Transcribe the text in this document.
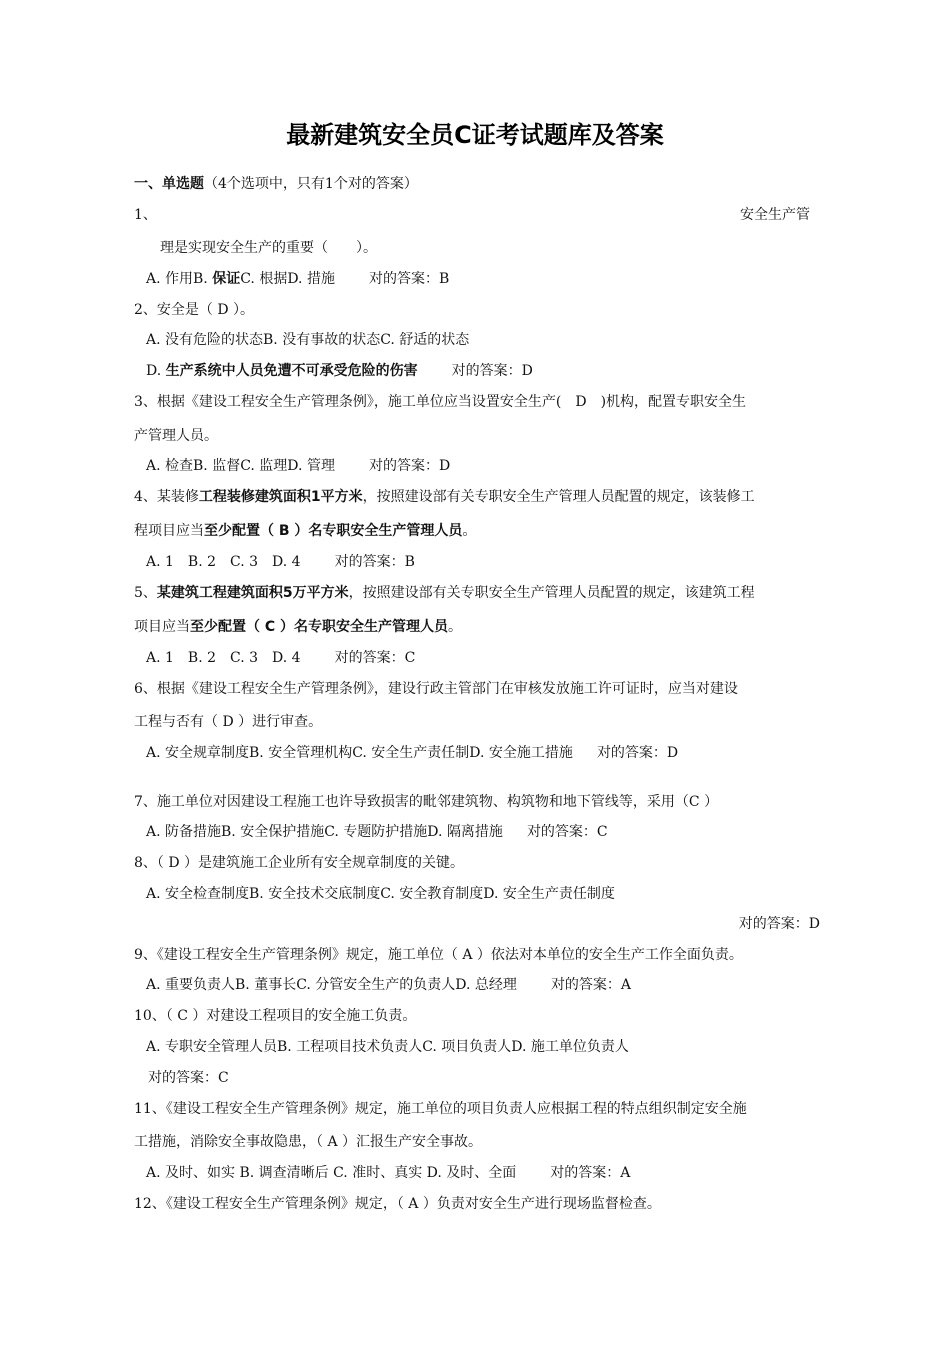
最新建筑安全员C证考试题库及答案
一、单选题（4个选项中，只有1个对的答案）
1、	安全生产管
理是实现安全生产的重要（　　）。
A. 作用B. 保证C. 根据D. 措施 对的答案：B
2、安全是（ D ）。
A. 没有危险的状态B. 没有事故的状态C. 舒适的状态
D. 生产系统中人员免遭不可承受危险的伤害 对的答案：D
3、根据《建设工程安全生产管理条例》，施工单位应当设置安全生产(　D　)机构，配置专职安全生
产管理人员。
A. 检查B. 监督C. 监理D. 管理 对的答案：D
4、某装修工程装修建筑面积1平方米，按照建设部有关专职安全生产管理人员配置的规定，该装修工
程项目应当至少配置（ B ）名专职安全生产管理人员。
A. 1　B. 2　C. 3　D. 4 对的答案：B
5、某建筑工程建筑面积5万平方米，按照建设部有关专职安全生产管理人员配置的规定，该建筑工程
项目应当至少配置（ C ）名专职安全生产管理人员。
A. 1　B. 2　C. 3　D. 4 对的答案：C
6、根据《建设工程安全生产管理条例》，建设行政主管部门在审核发放施工许可证时，应当对建设
工程与否有（ D ）进行审查。
A. 安全规章制度B. 安全管理机构C. 安全生产责任制D. 安全施工措施 对的答案：D
7、施工单位对因建设工程施工也许导致损害的毗邻建筑物、构筑物和地下管线等，采用（C ）
A. 防备措施B. 安全保护措施C. 专题防护措施D. 隔离措施 对的答案：C
8、（ D ）是建筑施工企业所有安全规章制度的关键。
A. 安全检查制度B. 安全技术交底制度C. 安全教育制度D. 安全生产责任制度
对的答案：D
9、《建设工程安全生产管理条例》规定，施工单位（ A ）依法对本单位的安全生产工作全面负责。
A. 重要负责人B. 董事长C. 分管安全生产的负责人D. 总经理 对的答案：A
10、（ C ）对建设工程项目的安全施工负责。
A. 专职安全管理人员B. 工程项目技术负责人C. 项目负责人D. 施工单位负责人
对的答案：C
11、《建设工程安全生产管理条例》规定，施工单位的项目负责人应根据工程的特点组织制定安全施
工措施，消除安全事故隐患，（ A ）汇报生产安全事故。
A. 及时、如实 B. 调查清晰后 C. 准时、真实 D. 及时、全面 对的答案：A
12、《建设工程安全生产管理条例》规定，（ A ）负责对安全生产进行现场监督检查。
